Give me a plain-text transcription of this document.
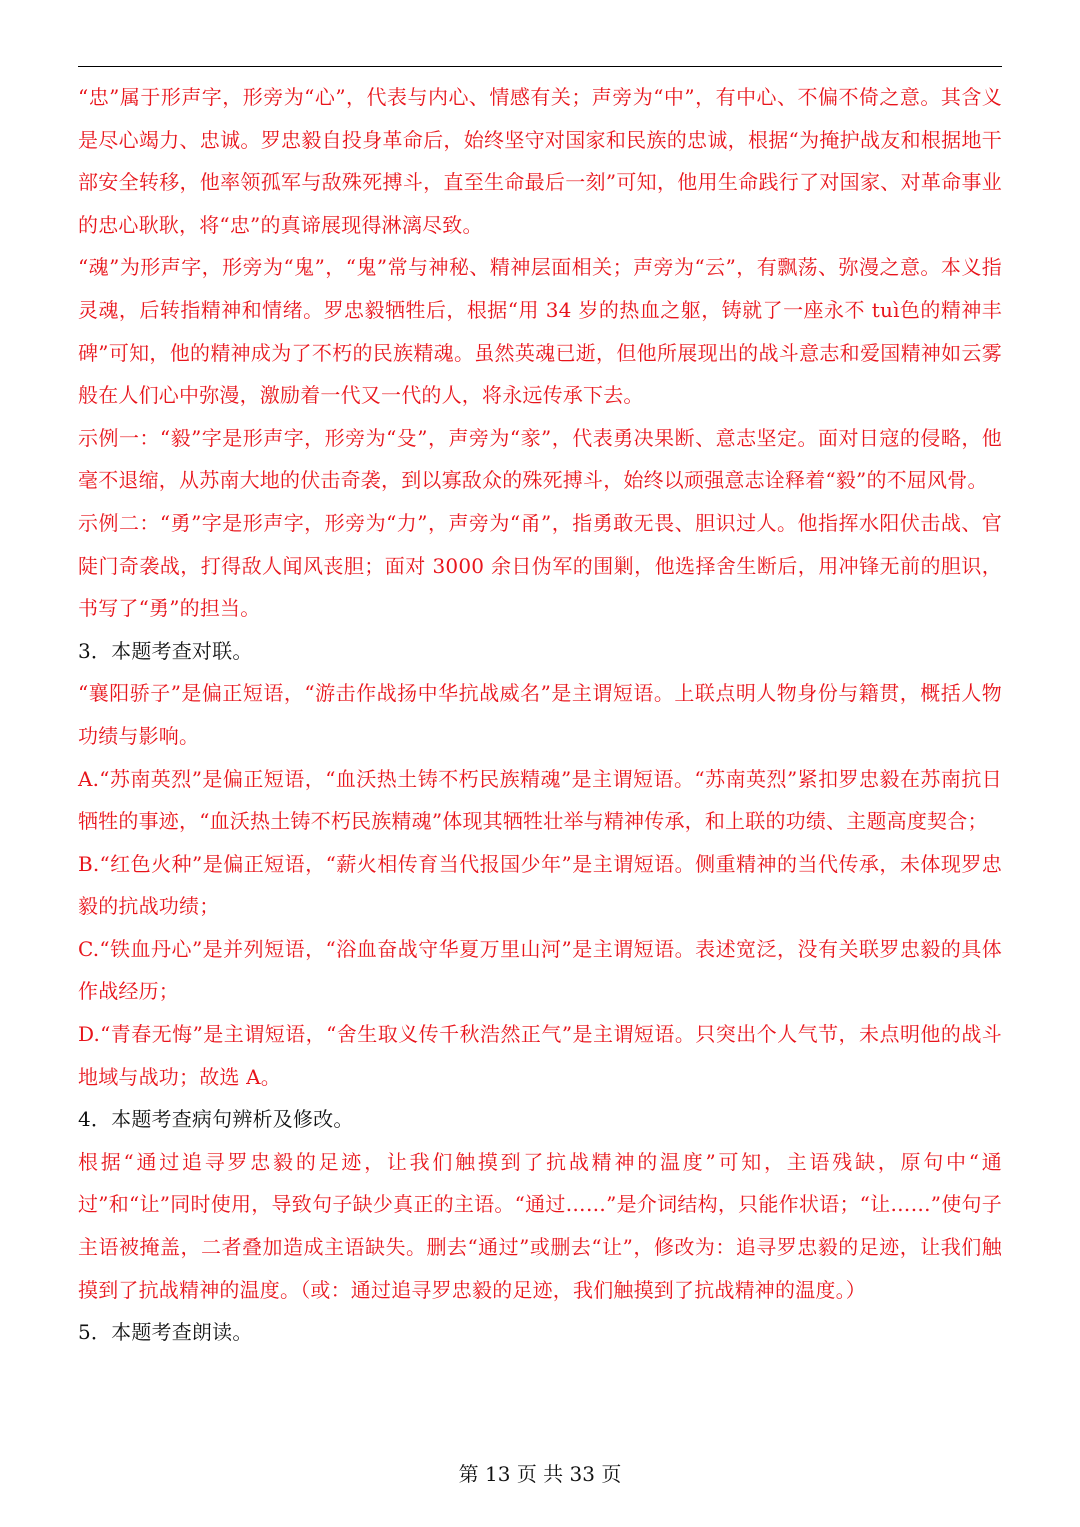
“忠”属于形声字，形旁为“心”，代表与内心、情感有关；声旁为“中”，有中心、不偏不倚之意。其含义是尽心竭力、忠诚。罗忠毅自投身革命后，始终坚守对国家和民族的忠诚，根据“为掩护战友和根据地干部安全转移，他率领孤军与敌殊死搏斗，直至生命最后一刻”可知，他用生命践行了对国家、对革命事业的忠心耿耿，将“忠”的真谛展现得淋漓尽致。

“魂”为形声字，形旁为“鬼”，“鬼”常与神秘、精神层面相关；声旁为“云”，有飘荡、弥漫之意。本义指灵魂，后转指精神和情绪。罗忠毅牺牲后，根据“用 34 岁的热血之躯，铸就了一座永不 tuì色的精神丰碑”可知，他的精神成为了不朽的民族精魂。虽然英魂已逝，但他所展现出的战斗意志和爱国精神如云雾般在人们心中弥漫，激励着一代又一代的人，将永远传承下去。

示例一：“毅”字是形声字，形旁为“殳”，声旁为“豙”，代表勇决果断、意志坚定。面对日寇的侵略，他毫不退缩，从苏南大地的伏击奇袭，到以寡敌众的殊死搏斗，始终以顽强意志诠释着“毅”的不屈风骨。

示例二：“勇”字是形声字，形旁为“力”，声旁为“甬”，指勇敢无畏、胆识过人。他指挥水阳伏击战、官陡门奇袭战，打得敌人闻风丧胆；面对 3000 余日伪军的围剿，他选择舍生断后，用冲锋无前的胆识，书写了“勇”的担当。

3．本题考查对联。

“襄阳骄子”是偏正短语，“游击作战扬中华抗战威名”是主谓短语。上联点明人物身份与籍贯，概括人物功绩与影响。

A.“苏南英烈”是偏正短语，“血沃热土铸不朽民族精魂”是主谓短语。“苏南英烈”紧扣罗忠毅在苏南抗日牺牲的事迹，“血沃热土铸不朽民族精魂”体现其牺牲壮举与精神传承，和上联的功绩、主题高度契合；

B.“红色火种”是偏正短语，“薪火相传育当代报国少年”是主谓短语。侧重精神的当代传承，未体现罗忠毅的抗战功绩；

C.“铁血丹心”是并列短语，“浴血奋战守华夏万里山河”是主谓短语。表述宽泛，没有关联罗忠毅的具体作战经历；

D.“青春无悔”是主谓短语，“舍生取义传千秋浩然正气”是主谓短语。只突出个人气节，未点明他的战斗地域与战功；故选 A。

4．本题考查病句辨析及修改。

根据“通过追寻罗忠毅的足迹，让我们触摸到了抗战精神的温度”可知，主语残缺，原句中“通过”和“让”同时使用，导致句子缺少真正的主语。“通过……”是介词结构，只能作状语；“让……”使句子主语被掩盖，二者叠加造成主语缺失。删去“通过”或删去“让”，修改为：追寻罗忠毅的足迹，让我们触摸到了抗战精神的温度。（或：通过追寻罗忠毅的足迹，我们触摸到了抗战精神的温度。）

5．本题考查朗读。

第 13 页 共 33 页
